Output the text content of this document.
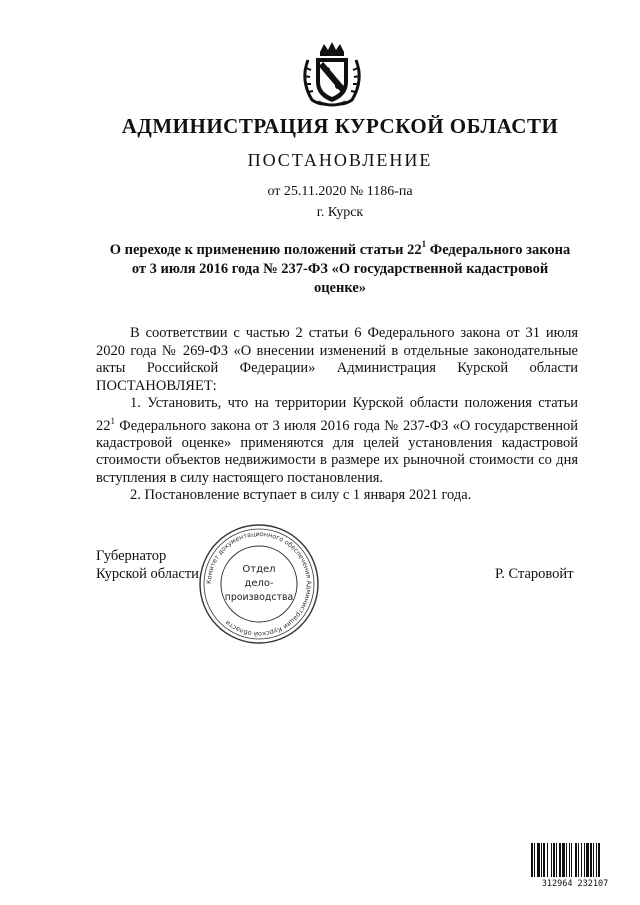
АДМИНИСТРАЦИЯ КУРСКОЙ ОБЛАСТИ
ПОСТАНОВЛЕНИЕ
от 25.11.2020 № 1186-па
г. Курск
О переходе к применению положений статьи $22^1$ Федерального закона
от 3 июля 2016 года № 237-ФЗ «О государственной кадастровой
оценке»

В соответствии с частью 2 статьи 6 Федерального закона от 31 июля 2020 года № 269-ФЗ «О внесении изменений в отдельные законодательные акты Российской Федерации» Администрация Курской области ПОСТАНОВЛЯЕТ:

1. Установить, что на территории Курской области положения статьи $22^1$ Федерального закона от 3 июля 2016 года № 237-ФЗ «О государственной кадастровой оценке» применяются для целей установления кадастровой стоимости объектов недвижимости в размере их рыночной стоимости со дня вступления в силу настоящего постановления.

2. Постановление вступает в силу с 1 января 2021 года.

Губернатор
Курской области	Р. Старовойт
Комитет документационного обеспечения Администрации Курской области
Отдел
дело-
производства
312964 232107
